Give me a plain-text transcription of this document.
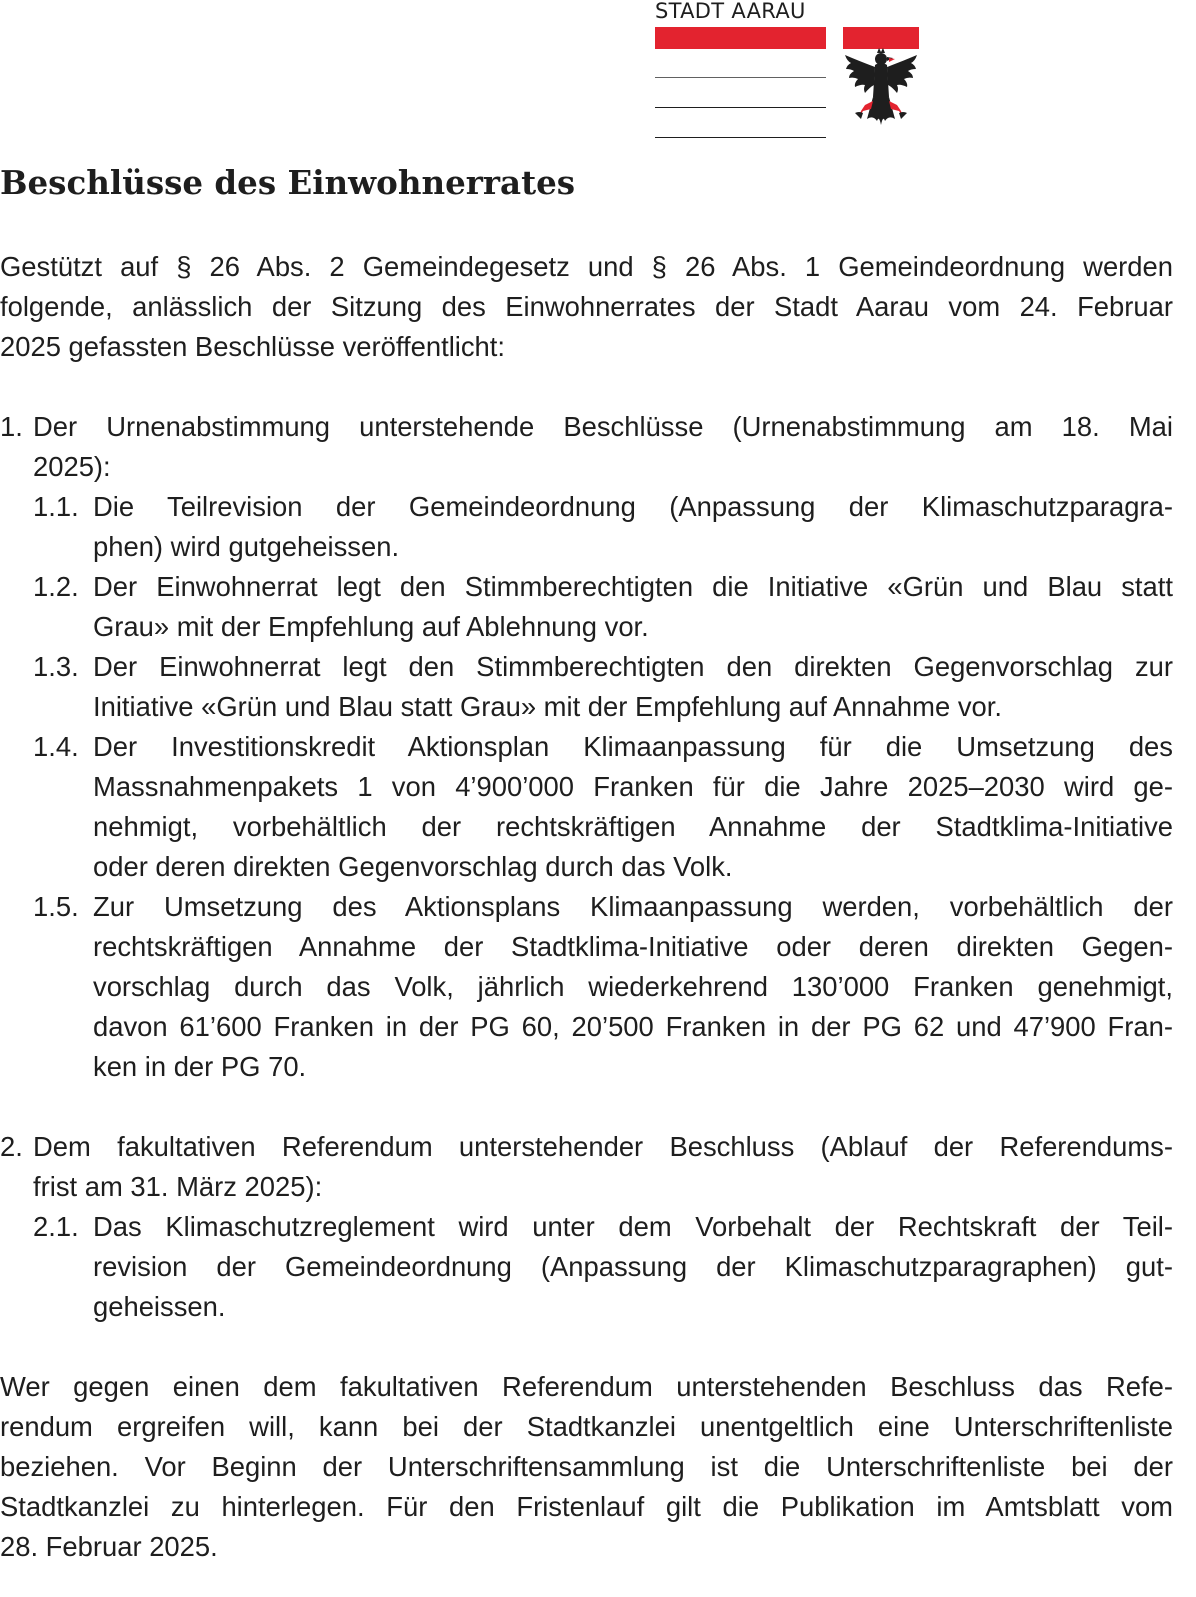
STADT AARAU
Beschlüsse des Einwohnerrates
Gestützt auf § 26 Abs. 2 Gemeindegesetz und § 26 Abs. 1 Gemeindeordnung werden
folgende, anlässlich der Sitzung des Einwohnerrates der Stadt Aarau vom 24. Februar
2025 gefassten Beschlüsse veröffentlicht:
1. Der Urnenabstimmung unterstehende Beschlüsse (Urnenabstimmung am 18. Mai
2025):
1.1. Die Teilrevision der Gemeindeordnung (Anpassung der Klimaschutzparagra-
phen) wird gutgeheissen.
1.2. Der Einwohnerrat legt den Stimmberechtigten die Initiative «Grün und Blau statt
Grau» mit der Empfehlung auf Ablehnung vor.
1.3. Der Einwohnerrat legt den Stimmberechtigten den direkten Gegenvorschlag zur
Initiative «Grün und Blau statt Grau» mit der Empfehlung auf Annahme vor.
1.4. Der Investitionskredit Aktionsplan Klimaanpassung für die Umsetzung des
Massnahmenpakets 1 von 4’900’000 Franken für die Jahre 2025–2030 wird ge-
nehmigt, vorbehältlich der rechtskräftigen Annahme der Stadtklima-Initiative
oder deren direkten Gegenvorschlag durch das Volk.
1.5. Zur Umsetzung des Aktionsplans Klimaanpassung werden, vorbehältlich der
rechtskräftigen Annahme der Stadtklima-Initiative oder deren direkten Gegen-
vorschlag durch das Volk, jährlich wiederkehrend 130’000 Franken genehmigt,
davon 61’600 Franken in der PG 60, 20’500 Franken in der PG 62 und 47’900 Fran-
ken in der PG 70.
2. Dem fakultativen Referendum unterstehender Beschluss (Ablauf der Referendums-
frist am 31. März 2025):
2.1. Das Klimaschutzreglement wird unter dem Vorbehalt der Rechtskraft der Teil-
revision der Gemeindeordnung (Anpassung der Klimaschutzparagraphen) gut-
geheissen.
Wer gegen einen dem fakultativen Referendum unterstehenden Beschluss das Refe-
rendum ergreifen will, kann bei der Stadtkanzlei unentgeltlich eine Unterschriftenliste
beziehen. Vor Beginn der Unterschriftensammlung ist die Unterschriftenliste bei der
Stadtkanzlei zu hinterlegen. Für den Fristenlauf gilt die Publikation im Amtsblatt vom
28. Februar 2025.
